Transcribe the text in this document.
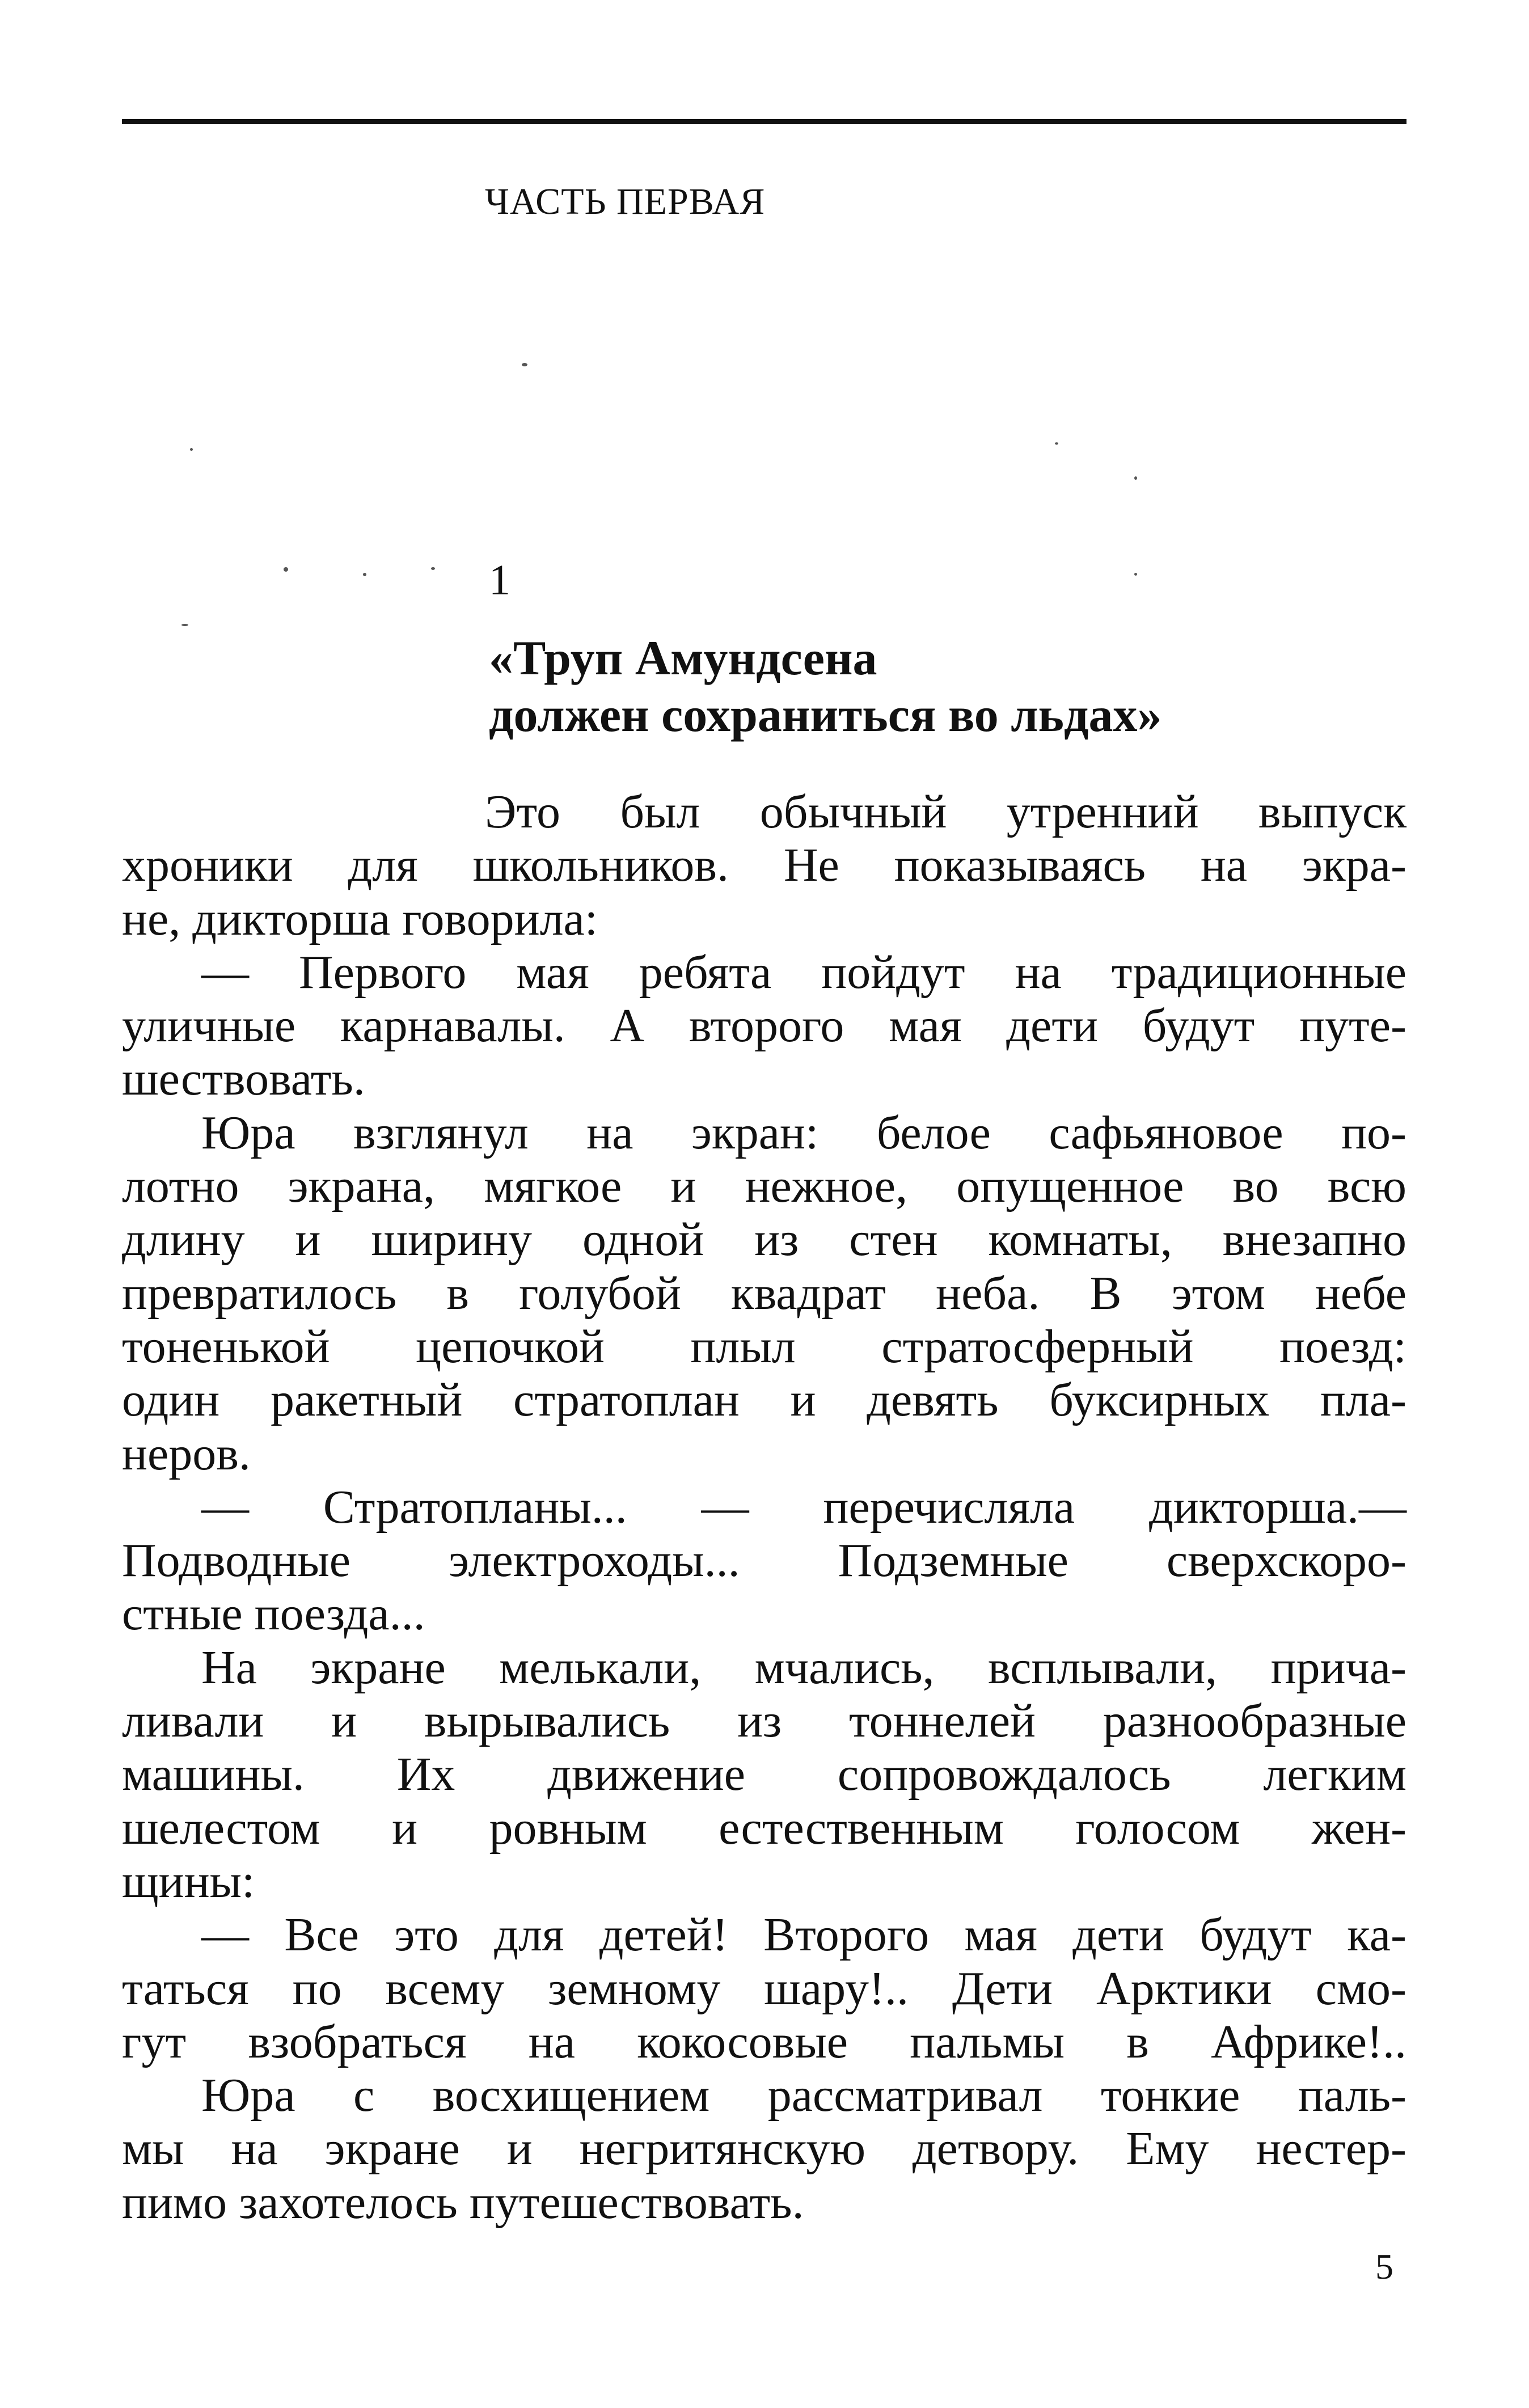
ЧАСТЬ ПЕРВАЯ
1
«Труп Амундсена
должен сохраниться во льдах»
Это был обычный утренний выпуск
хроники для школьников. Не показываясь на экра-
не, дикторша говорила:
— Первого мая ребята пойдут на традиционные
уличные карнавалы. А второго мая дети будут путе-
шествовать.
Юра взглянул на экран: белое сафьяновое по-
лотно экрана, мягкое и нежное, опущенное во всю
длину и ширину одной из стен комнаты, внезапно
превратилось в голубой квадрат неба. В этом небе
тоненькой цепочкой плыл стратосферный поезд:
один ракетный стратоплан и девять буксирных пла-
неров.
— Стратопланы... — перечисляла дикторша.—
Подводные электроходы... Подземные сверхскоро-
стные поезда...
На экране мелькали, мчались, всплывали, прича-
ливали и вырывались из тоннелей разнообразные
машины. Их движение сопровождалось легким
шелестом и ровным естественным голосом жен-
щины:
— Все это для детей! Второго мая дети будут ка-
таться по всему земному шару!.. Дети Арктики смо-
гут взобраться на кокосовые пальмы в Африке!..
Юра с восхищением рассматривал тонкие паль-
мы на экране и негритянскую детвору. Ему нестер-
пимо захотелось путешествовать.
5
